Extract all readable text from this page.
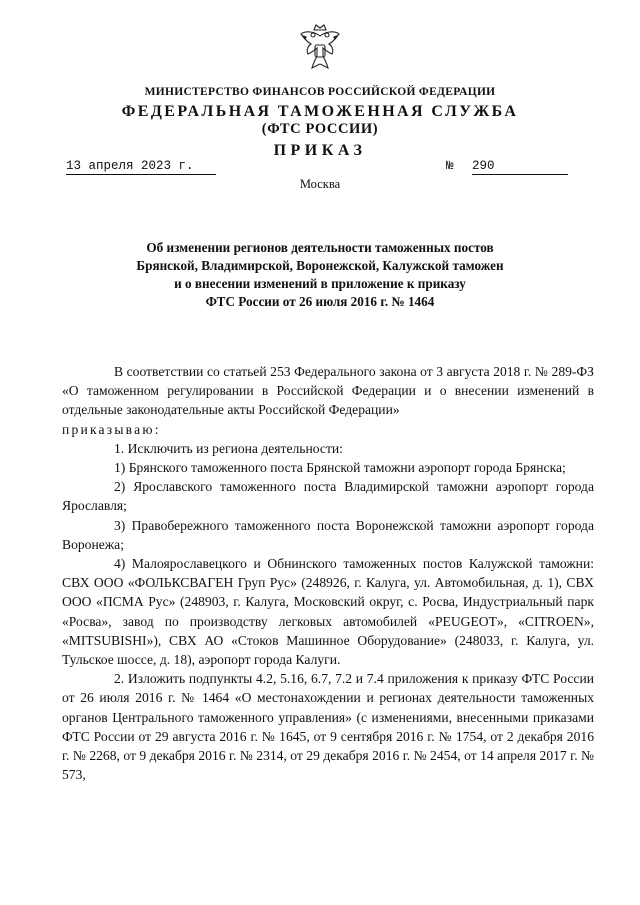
МИНИСТЕРСТВО ФИНАНСОВ РОССИЙСКОЙ ФЕДЕРАЦИИ
ФЕДЕРАЛЬНАЯ ТАМОЖЕННАЯ СЛУЖБА
(ФТС РОССИИ)
ПРИКАЗ
13 апреля 2023 г.	№ 290
Москва
Об изменении регионов деятельности таможенных постов
Брянской, Владимирской, Воронежской, Калужской таможен
и о внесении изменений в приложение к приказу
ФТС России от 26 июля 2016 г. № 1464

В соответствии со статьей 253 Федерального закона от 3 августа 2018 г. № 289-ФЗ «О таможенном регулировании в Российской Федерации и о внесении изменений в отдельные законодательные акты Российской Федерации»

приказываю:

1. Исключить из региона деятельности:

1) Брянского таможенного поста Брянской таможни аэропорт города Брянска;

2) Ярославского таможенного поста Владимирской таможни аэропорт города Ярославля;

3) Правобережного таможенного поста Воронежской таможни аэропорт города Воронежа;

4) Малоярославецкого и Обнинского таможенных постов Калужской таможни: СВХ ООО «ФОЛЬКСВАГЕН Груп Рус» (248926, г. Калуга, ул. Автомобильная, д. 1), СВХ ООО «ПСМА Рус» (248903, г. Калуга, Московский округ, с. Росва, Индустриальный парк «Росва», завод по производству легковых автомобилей «PEUGEOT», «CITROEN», «MITSUBISHI»), СВХ АО «Стоков Машинное Оборудование» (248033, г. Калуга, ул. Тульское шоссе, д. 18), аэропорт города Калуги.

2. Изложить подпункты 4.2, 5.16, 6.7, 7.2 и 7.4 приложения к приказу ФТС России от 26 июля 2016 г. № 1464 «О местонахождении и регионах деятельности таможенных органов Центрального таможенного управления» (с изменениями, внесенными приказами ФТС России от 29 августа 2016 г. № 1645, от 9 сентября 2016 г. № 1754, от 2 декабря 2016 г. № 2268, от 9 декабря 2016 г. № 2314, от 29 декабря 2016 г. № 2454, от 14 апреля 2017 г. № 573,
